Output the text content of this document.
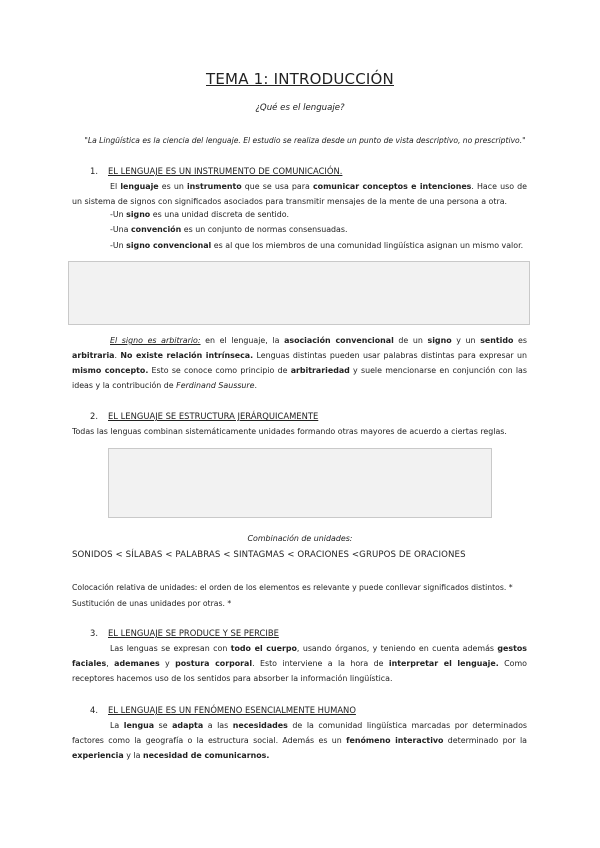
TEMA 1: INTRODUCCIÓN
¿Qué es el lenguaje?
"La Lingüística es la ciencia del lenguaje. El estudio se realiza desde un punto de vista descriptivo, no prescriptivo."
1. EL LENGUAJE ES UN INSTRUMENTO DE COMUNICACIÓN.
El lenguaje es un instrumento que se usa para comunicar conceptos e intenciones. Hace uso de un sistema de signos con significados asociados para transmitir mensajes de la mente de una persona a otra.
-Un signo es una unidad discreta de sentido.
-Una convención es un conjunto de normas consensuadas.
-Un signo convencional es al que los miembros de una comunidad lingüística asignan un mismo valor.
El signo es arbitrario: en el lenguaje, la asociación convencional de un signo y un sentido es arbitraria. No existe relación intrínseca. Lenguas distintas pueden usar palabras distintas para expresar un mismo concepto. Esto se conoce como principio de arbitrariedad y suele mencionarse en conjunción con las ideas y la contribución de Ferdinand Saussure.
2. EL LENGUAJE SE ESTRUCTURA JERÁRQUICAMENTE
Todas las lenguas combinan sistemáticamente unidades formando otras mayores de acuerdo a ciertas reglas.
Combinación de unidades:
SONIDOS < SÍLABAS < PALABRAS < SINTAGMAS < ORACIONES <GRUPOS DE ORACIONES
Colocación relativa de unidades: el orden de los elementos es relevante y puede conllevar significados distintos. *
Sustitución de unas unidades por otras. *
3. EL LENGUAJE SE PRODUCE Y SE PERCIBE
Las lenguas se expresan con todo el cuerpo, usando órganos, y teniendo en cuenta además gestos faciales, ademanes y postura corporal. Esto interviene a la hora de interpretar el lenguaje. Como receptores hacemos uso de los sentidos para absorber la información lingüística.
4. EL LENGUAJE ES UN FENÓMENO ESENCIALMENTE HUMANO
La lengua se adapta a las necesidades de la comunidad lingüística marcadas por determinados factores como la geografía o la estructura social. Además es un fenómeno interactivo determinado por la experiencia y la necesidad de comunicarnos.
